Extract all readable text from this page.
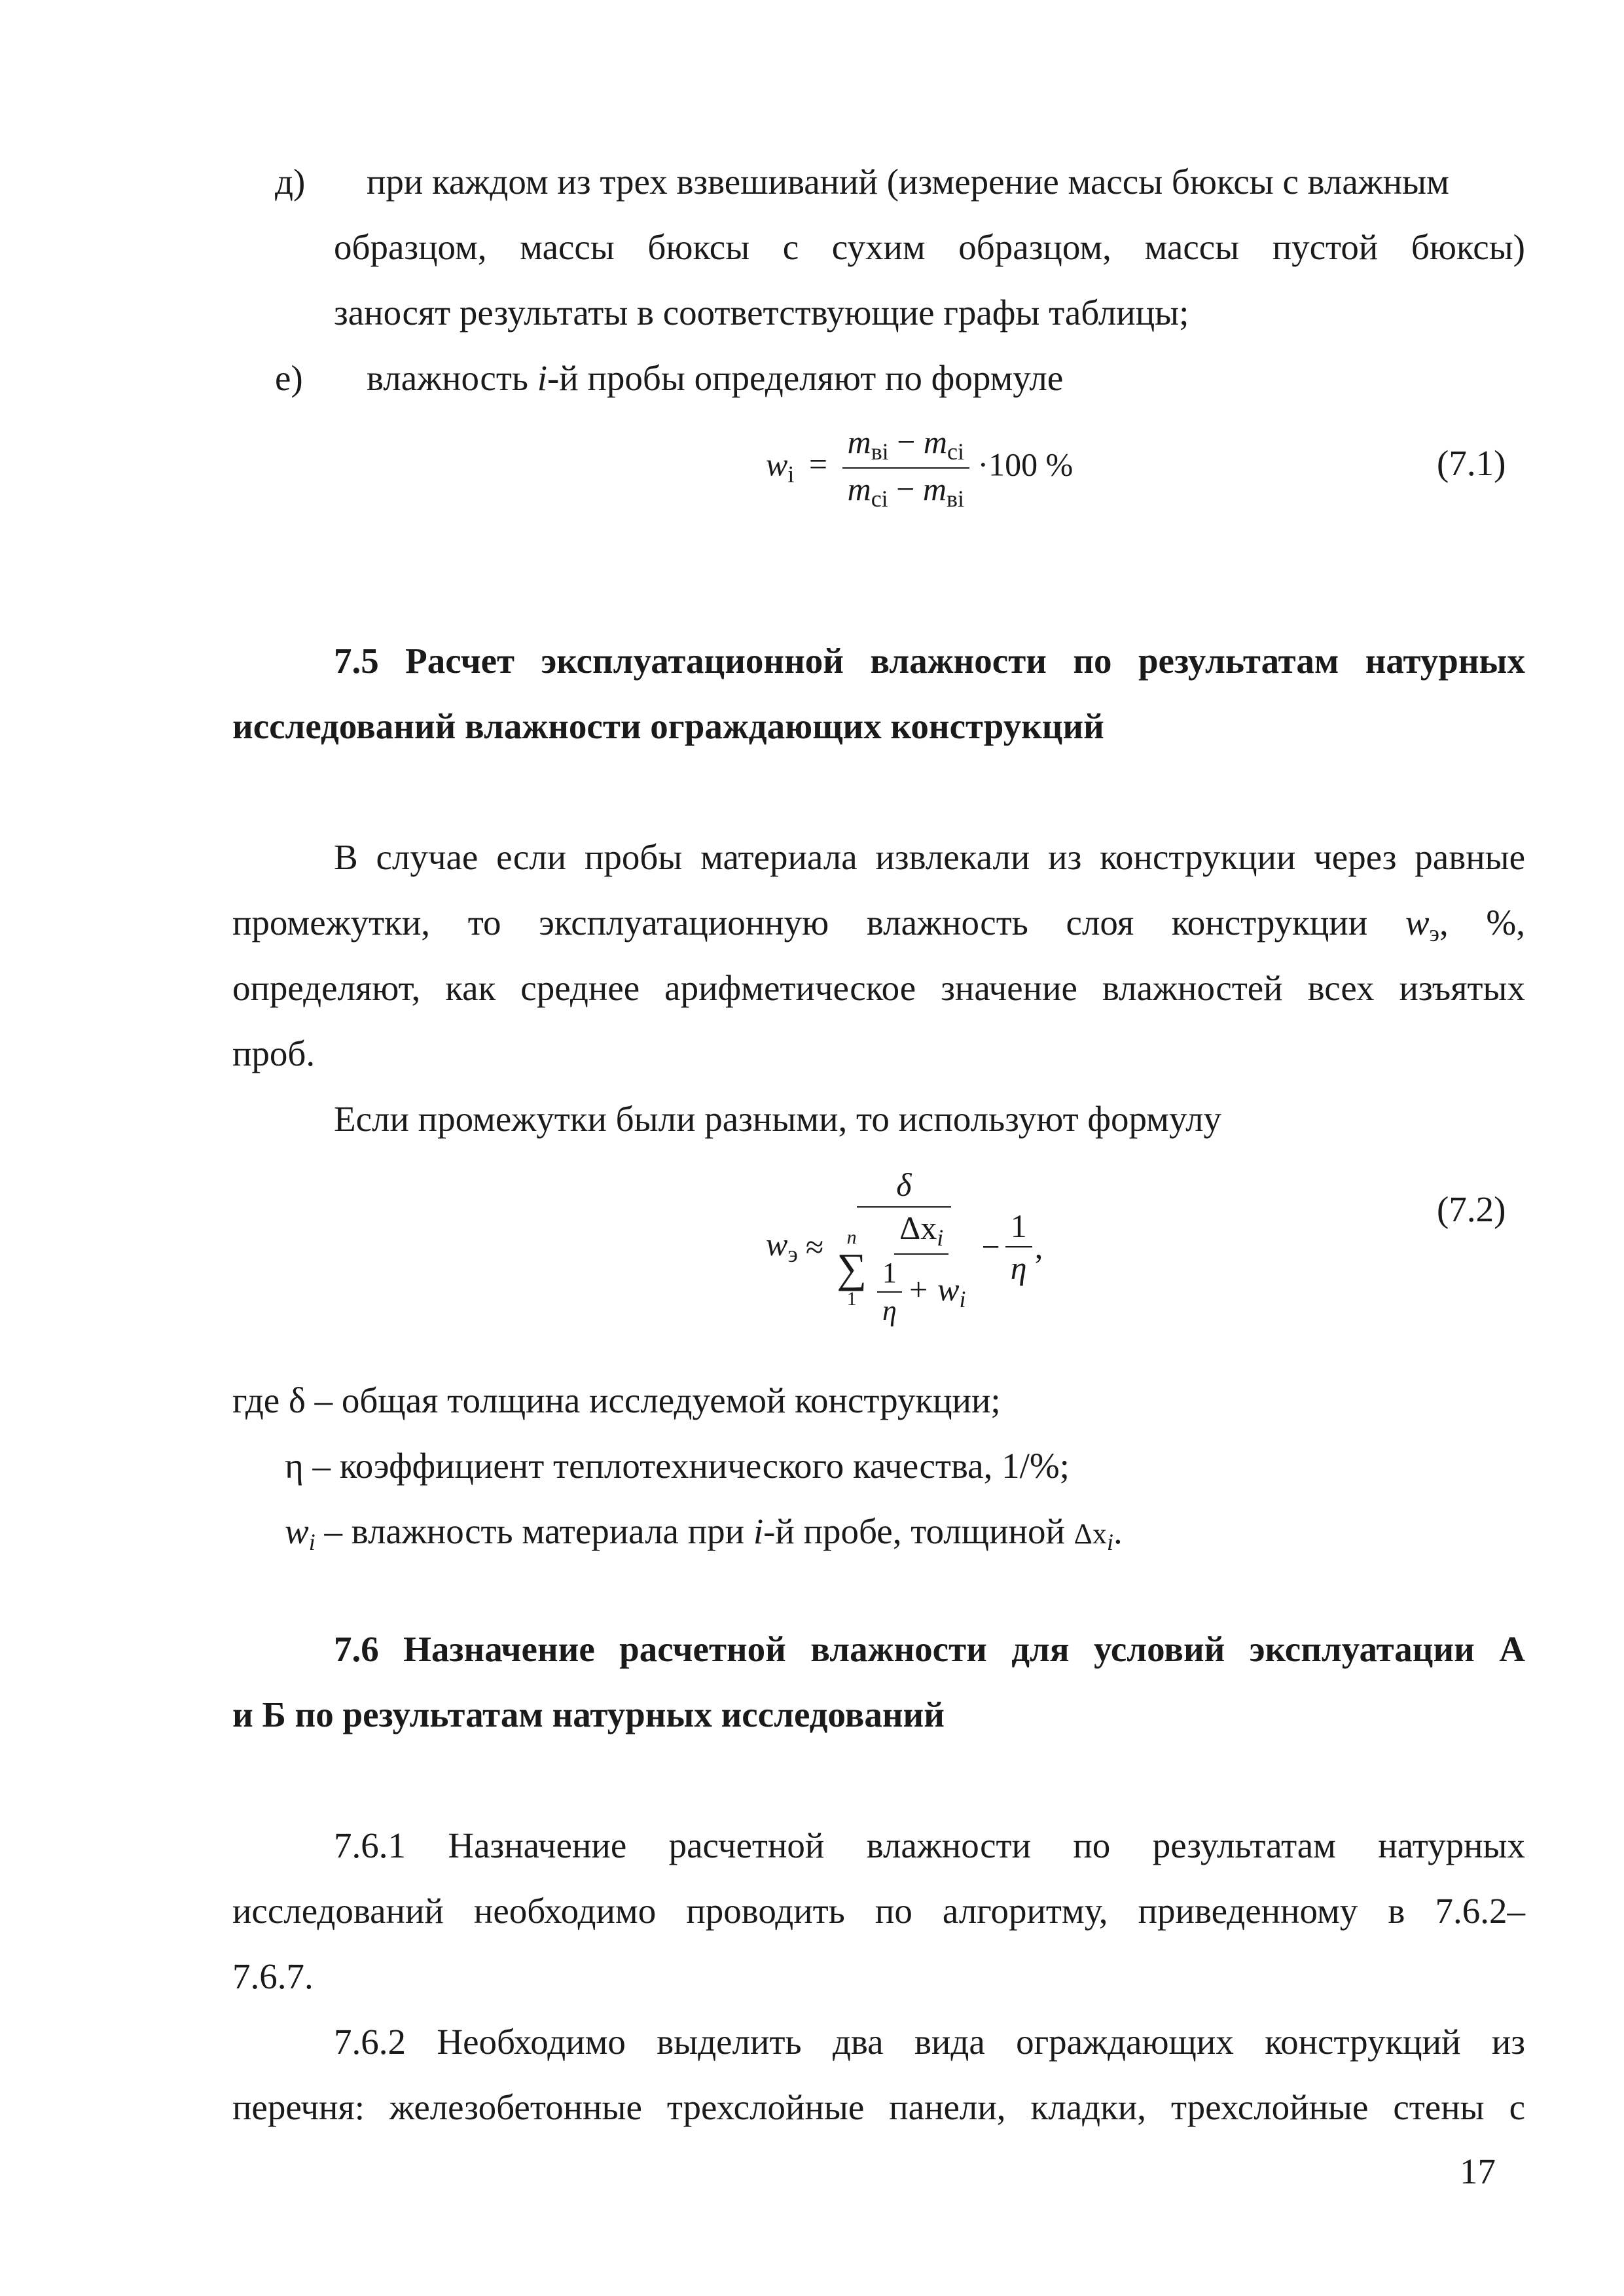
д) при каждом из трех взвешиваний (измерение массы бюксы с влажным
образцом, массы бюксы с сухим образцом, массы пустой бюксы)
заносят результаты в соответствующие графы таблицы;
е) влажность i-й пробы определяют по формуле
$w_i = \frac{m_{вi} - m_{сi}}{m_{сi} - m_{вi}} \cdot 100$ %	(7.1)
7.5 Расчет эксплуатационной влажности по результатам натурных
исследований влажности ограждающих конструкций
В случае если пробы материала извлекали из конструкции через равные
промежутки, то эксплуатационную влажность слоя конструкции $w_э$, %,
определяют, как среднее арифметическое значение влажностей всех изъятых
проб.
Если промежутки были разными, то используют формулу
$w_э$ ≈
δ
n
∑
$1 \frac{\Delta x_i}{\frac{1}{\eta} + w_i} - \frac{1}{\eta}$ ,
(7.2)
где δ – общая толщина исследуемой конструкции;
η – коэффициент теплотехнического качества, 1/%;
$w_i$ – влажность материала при i-й пробе, толщиной $\Delta x_i$.
7.6 Назначение расчетной влажности для условий эксплуатации А
и Б по результатам натурных исследований
7.6.1 Назначение расчетной влажности по результатам натурных
исследований необходимо проводить по алгоритму, приведенному в 7.6.2–
7.6.7.
7.6.2 Необходимо выделить два вида ограждающих конструкций из
перечня: железобетонные трехслойные панели, кладки, трехслойные стены с
17
